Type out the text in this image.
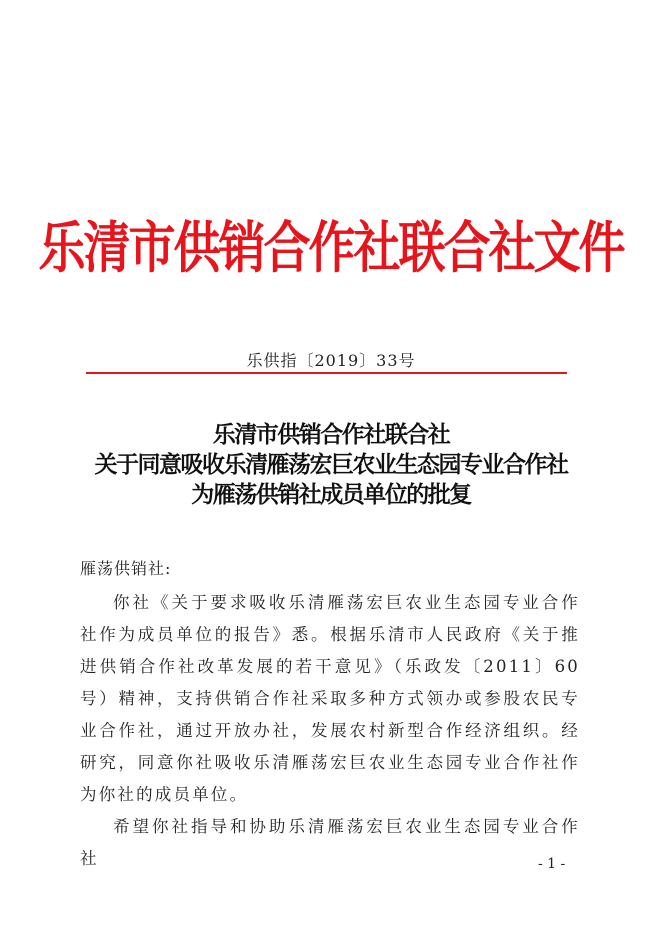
乐清市供销合作社联合社文件
乐供指〔2019〕33号
乐清市供销合作社联合社
关于同意吸收乐清雁荡宏巨农业生态园专业合作社
为雁荡供销社成员单位的批复
雁荡供销社:

你社《关于要求吸收乐清雁荡宏巨农业生态园专业合作社作为成员单位的报告》悉。根据乐清市人民政府《关于推进供销合作社改革发展的若干意见》（乐政发〔2011〕60号）精神，支持供销合作社采取多种方式领办或参股农民专业合作社，通过开放办社，发展农村新型合作经济组织。经研究，同意你社吸收乐清雁荡宏巨农业生态园专业合作社作为你社的成员单位。

希望你社指导和协助乐清雁荡宏巨农业生态园专业合作社	- 1 -
